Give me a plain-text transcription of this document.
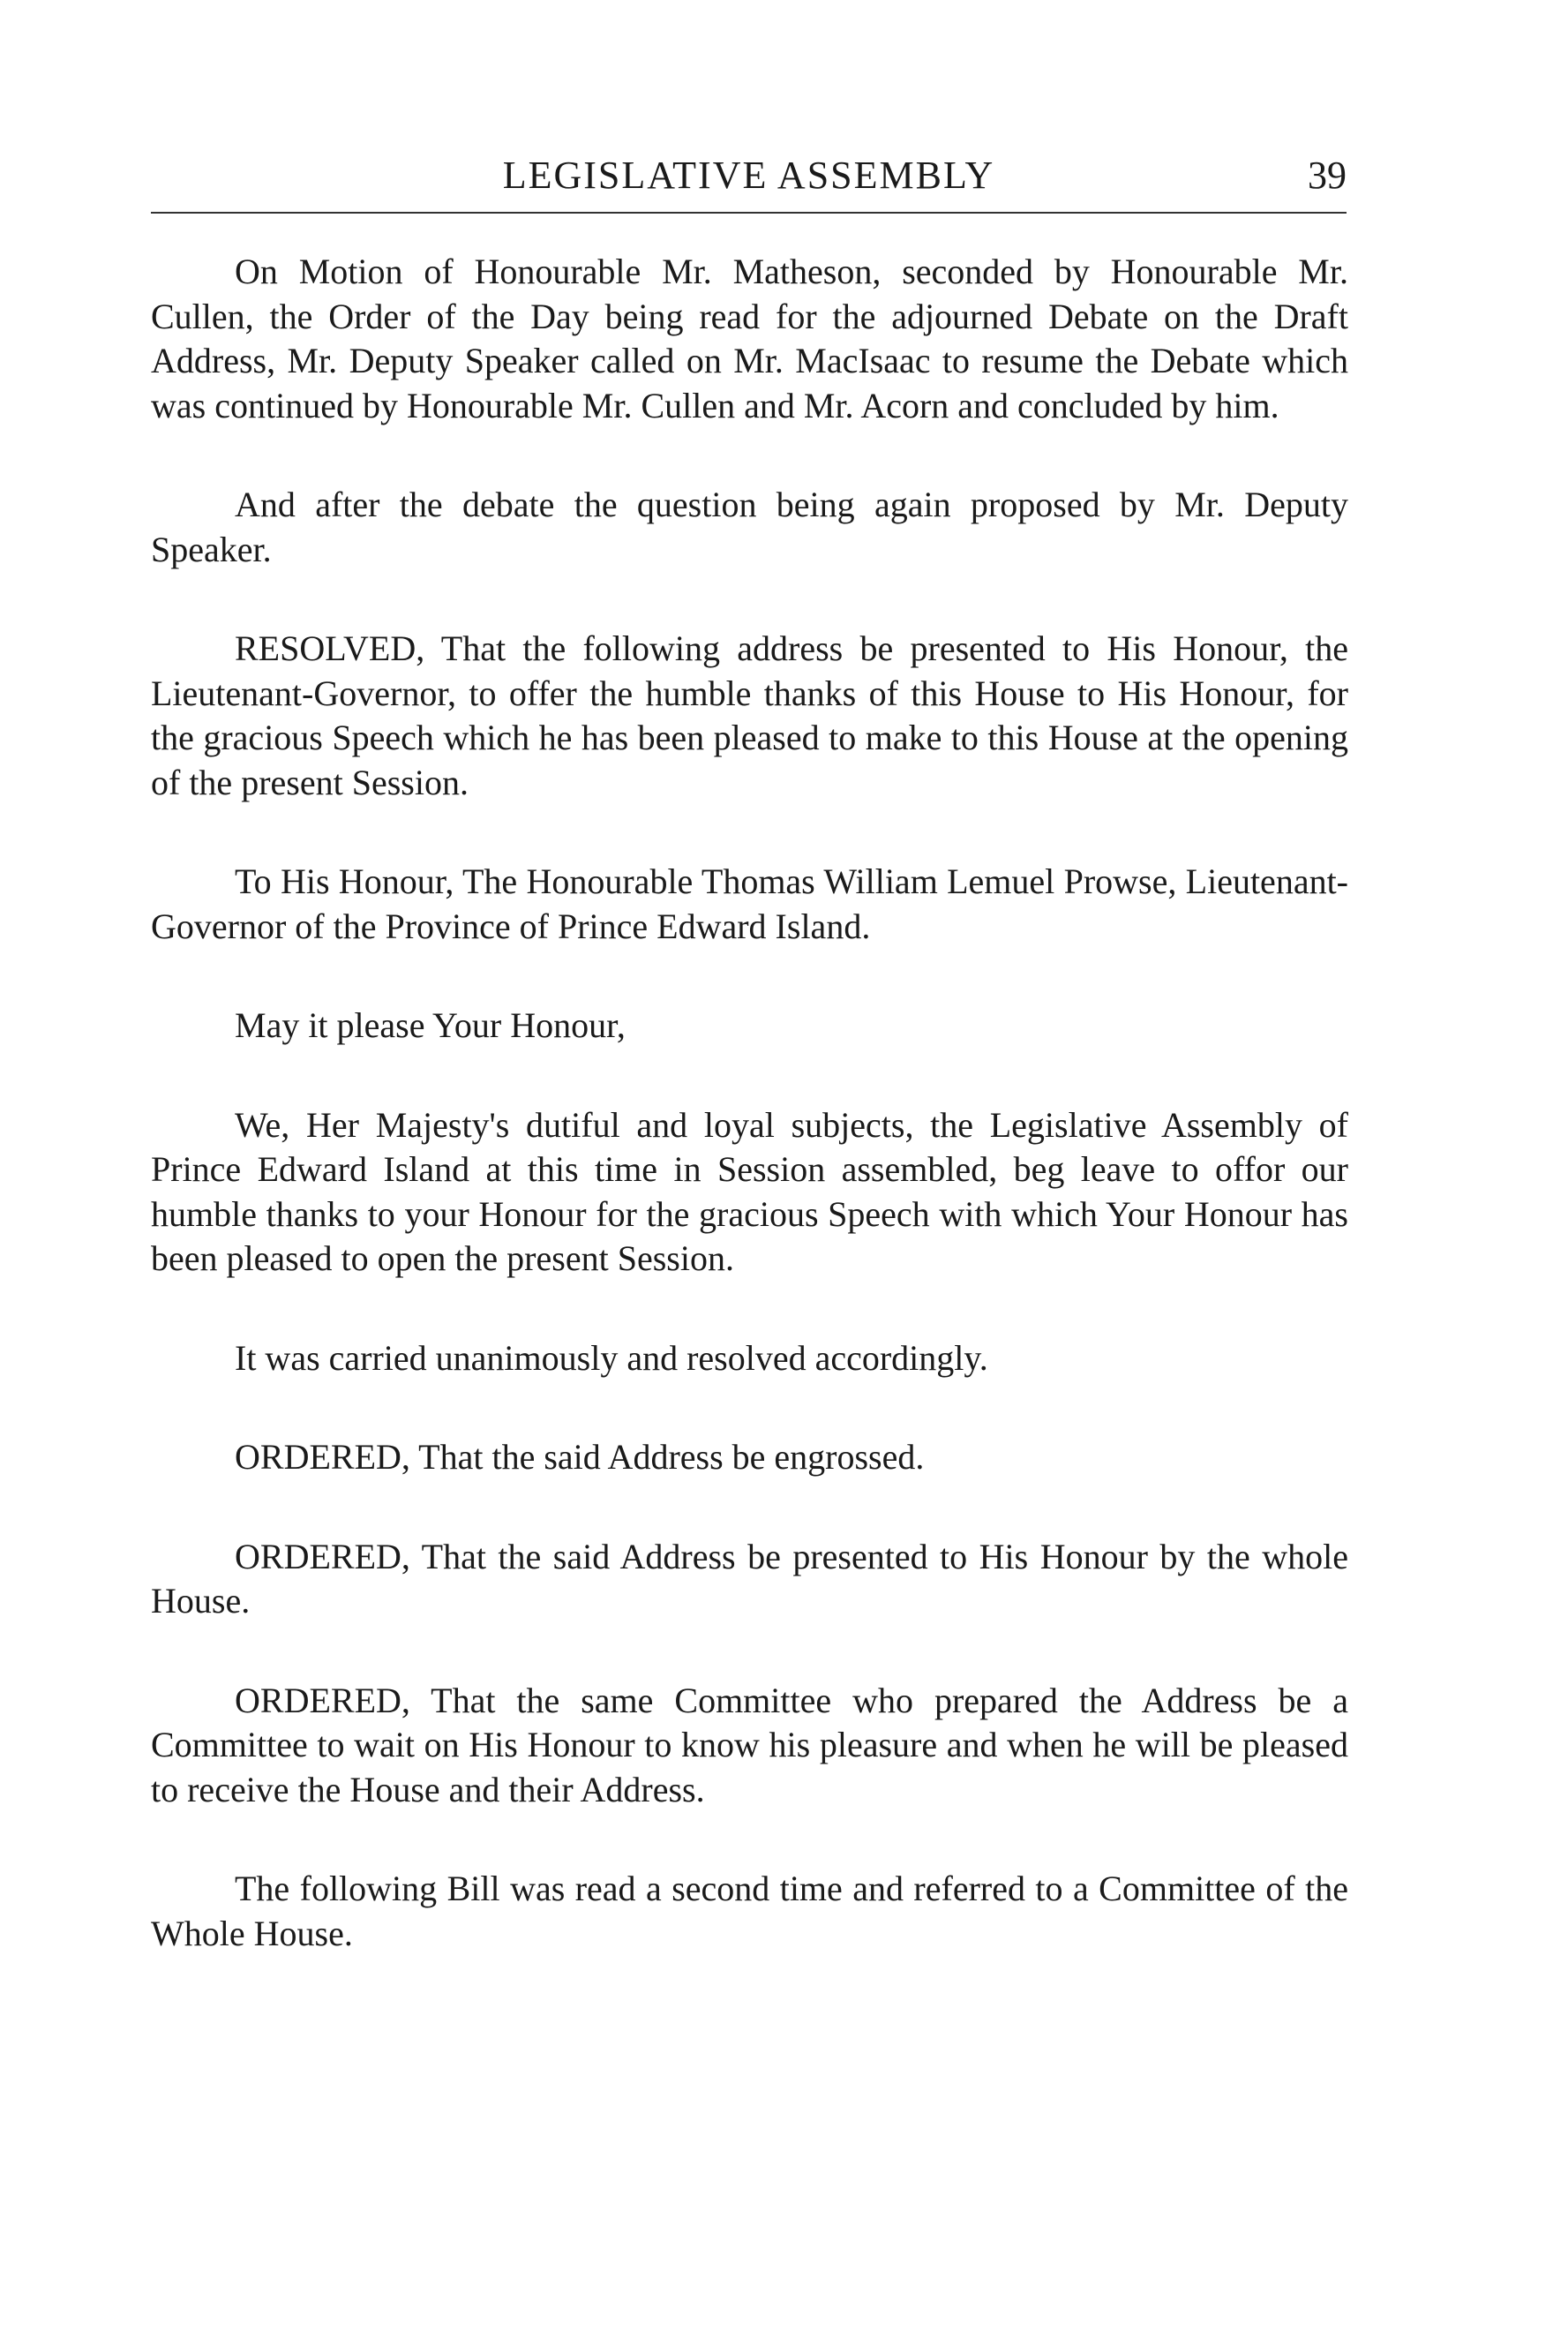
LEGISLATIVE ASSEMBLY	39

On Motion of Honourable Mr. Matheson, seconded by Honourable Mr. Cullen, the Order of the Day being read for the adjourned Debate on the Draft Address, Mr. Deputy Speaker called on Mr. MacIsaac to resume the Debate which was continued by Honourable Mr. Cullen and Mr. Acorn and concluded by him.

And after the debate the question being again proposed by Mr. Deputy Speaker.

RESOLVED, That the following address be presented to His Honour, the Lieutenant-Governor, to offer the humble thanks of this House to His Honour, for the gracious Speech which he has been pleased to make to this House at the opening of the present Session.

To His Honour, The Honourable Thomas William Lemuel Prowse, Lieutenant-Governor of the Province of Prince Edward Island.

May it please Your Honour,

We, Her Majesty's dutiful and loyal subjects, the Legislative Assembly of Prince Edward Island at this time in Session assembled, beg leave to offor our humble thanks to your Honour for the gracious Speech with which Your Honour has been pleased to open the present Session.

It was carried unanimously and resolved accordingly.

ORDERED, That the said Address be engrossed.

ORDERED, That the said Address be presented to His Honour by the whole House.

ORDERED, That the same Committee who prepared the Address be a Committee to wait on His Honour to know his pleasure and when he will be pleased to receive the House and their Address.

The following Bill was read a second time and referred to a Committee of the Whole House.
